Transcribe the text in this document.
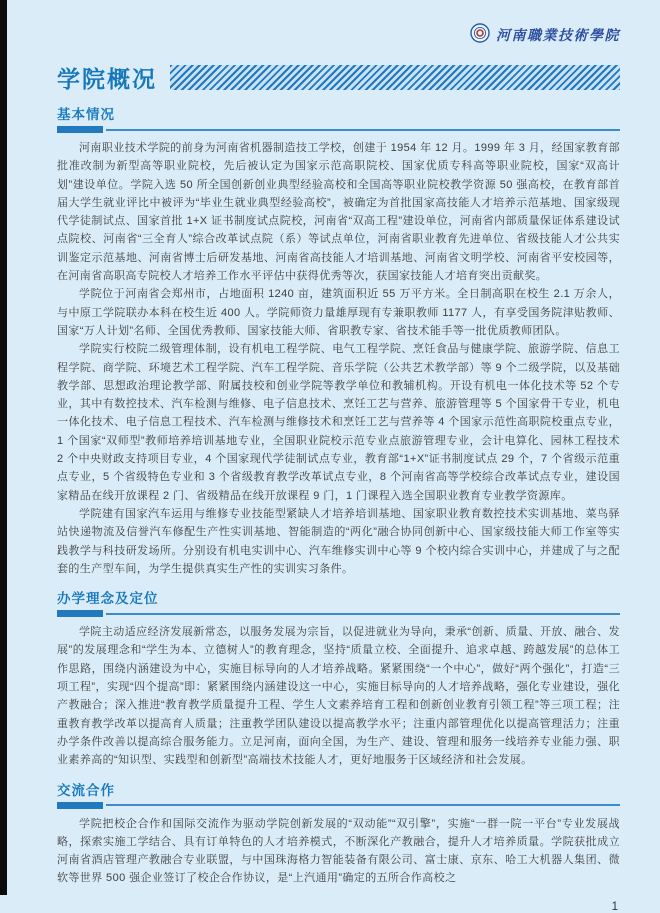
河南職業技術學院
学院概况
基本情况

河南职业技术学院的前身为河南省机器制造技工学校，创建于 1954 年 12 月。1999 年 3 月，经国家教育部批准改制为新型高等职业院校，先后被认定为国家示范高职院校、国家优质专科高等职业院校，国家“双高计划”建设单位。学院入选 50 所全国创新创业典型经验高校和全国高等职业院校教学资源 50 强高校，在教育部首届大学生就业评比中被评为“毕业生就业典型经验高校”，被确定为首批国家高技能人才培养示范基地、国家级现代学徒制试点、国家首批 1+X 证书制度试点院校，河南省“双高工程”建设单位，河南省内部质量保证体系建设试点院校、河南省“三全育人”综合改革试点院（系）等试点单位，河南省职业教育先进单位、省级技能人才公共实训鉴定示范基地、河南省博士后研发基地、河南省高技能人才培训基地、河南省文明学校、河南省平安校园等，在河南省高职高专院校人才培养工作水平评估中获得优秀等次，获国家技能人才培育突出贡献奖。

学院位于河南省会郑州市，占地面积 1240 亩，建筑面积近 55 万平方米。全日制高职在校生 2.1 万余人，与中原工学院联办本科在校生近 400 人。学院师资力量雄厚现有专兼职教师 1177 人，有享受国务院津贴教师、国家“万人计划”名师、全国优秀教师、国家技能大师、省职教专家、省技术能手等一批优质教师团队。

学院实行校院二级管理体制，设有机电工程学院、电气工程学院、烹饪食品与健康学院、旅游学院、信息工程学院、商学院、环境艺术工程学院、汽车工程学院、音乐学院（公共艺术教学部）等 9 个二级学院，以及基础教学部、思想政治理论教学部、附属技校和创业学院等教学单位和教辅机构。开设有机电一体化技术等 52 个专业，其中有数控技术、汽车检测与维修、电子信息技术、烹饪工艺与营养、旅游管理等 5 个国家骨干专业，机电一体化技术、电子信息工程技术、汽车检测与维修技术和烹饪工艺与营养等 4 个国家示范性高职院校重点专业，1 个国家“双师型”教师培养培训基地专业，全国职业院校示范专业点旅游管理专业，会计电算化、园林工程技术 2 个中央财政支持项目专业，4 个国家现代学徒制试点专业，教育部“1+X”证书制度试点 29 个，7 个省级示范重点专业，5 个省级特色专业和 3 个省级教育教学改革试点专业，8 个河南省高等学校综合改革试点专业，建设国家精品在线开放课程 2 门、省级精品在线开放课程 9 门，1 门课程入选全国职业教育专业教学资源库。

学院建有国家汽车运用与维修专业技能型紧缺人才培养培训基地、国家职业教育数控技术实训基地、菜鸟驿站快递物流及信誉汽车修配生产性实训基地、智能制造的“两化”融合协同创新中心、国家级技能大师工作室等实践教学与科技研发场所。分别设有机电实训中心、汽车维修实训中心等 9 个校内综合实训中心，并建成了与之配套的生产型车间，为学生提供真实生产性的实训实习条件。

办学理念及定位

学院主动适应经济发展新常态，以服务发展为宗旨，以促进就业为导向，秉承“创新、质量、开放、融合、发展”的发展理念和“学生为本、立德树人”的教育理念，坚持“质量立校、全面提升、追求卓越、跨越发展”的总体工作思路，围绕内涵建设为中心，实施目标导向的人才培养战略。紧紧围绕“一个中心”，做好“两个强化”，打造“三项工程”，实现“四个提高”即：紧紧围绕内涵建设这一中心，实施目标导向的人才培养战略，强化专业建设，强化产教融合；深入推进“教育教学质量提升工程、学生人文素养培育工程和创新创业教育引领工程”等三项工程；注重教育教学改革以提高育人质量；注重教学团队建设以提高教学水平；注重内部管理优化以提高管理活力；注重办学条件改善以提高综合服务能力。立足河南，面向全国，为生产、建设、管理和服务一线培养专业能力强、职业素养高的“知识型、实践型和创新型”高端技术技能人才，更好地服务于区域经济和社会发展。

交流合作

学院把校企合作和国际交流作为驱动学院创新发展的“双动能”“双引擎”，实施“一群一院一平台”专业发展战略，探索实施工学结合、具有订单特色的人才培养模式，不断深化产教融合，提升人才培养质量。学院获批成立河南省酒店管理产教融合专业联盟，与中国珠海格力智能装备有限公司、富士康、京东、哈工大机器人集团、微软等世界 500 强企业签订了校企合作协议，是“上汽通用”确定的五所合作高校之

1
